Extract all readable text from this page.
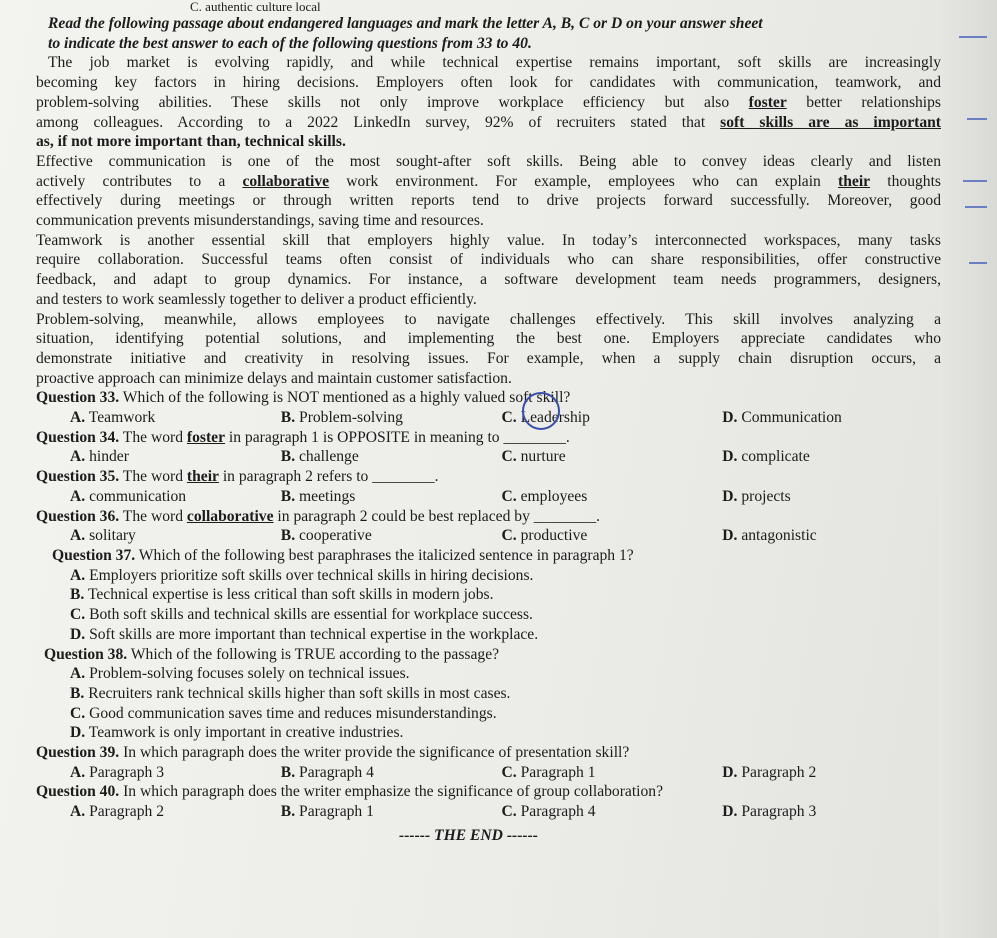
C. authentic culture local
Read the following passage about endangered languages and mark the letter A, B, C or D on your answer sheet
to indicate the best answer to each of the following questions from 33 to 40.
The job market is evolving rapidly, and while technical expertise remains important, soft skills are increasingly
becoming key factors in hiring decisions. Employers often look for candidates with communication, teamwork, and
problem-solving abilities. These skills not only improve workplace efficiency but also foster better relationships
among colleagues. According to a 2022 LinkedIn survey, 92% of recruiters stated that soft skills are as important
as, if not more important than, technical skills.
Effective communication is one of the most sought-after soft skills. Being able to convey ideas clearly and listen
actively contributes to a collaborative work environment. For example, employees who can explain their thoughts
effectively during meetings or through written reports tend to drive projects forward successfully. Moreover, good
communication prevents misunderstandings, saving time and resources.
Teamwork is another essential skill that employers highly value. In today’s interconnected workspaces, many tasks
require collaboration. Successful teams often consist of individuals who can share responsibilities, offer constructive
feedback, and adapt to group dynamics. For instance, a software development team needs programmers, designers,
and testers to work seamlessly together to deliver a product efficiently.
Problem-solving, meanwhile, allows employees to navigate challenges effectively. This skill involves analyzing a
situation, identifying potential solutions, and implementing the best one. Employers appreciate candidates who
demonstrate initiative and creativity in resolving issues. For example, when a supply chain disruption occurs, a
proactive approach can minimize delays and maintain customer satisfaction.
Question 33. Which of the following is NOT mentioned as a highly valued soft skill?
A. Teamwork	B. Problem-solving	C. Leadership	D. Communication
Question 34. The word foster in paragraph 1 is OPPOSITE in meaning to ________.
A. hinder	B. challenge	C. nurture	D. complicate
Question 35. The word their in paragraph 2 refers to ________.
A. communication	B. meetings	C. employees	D. projects
Question 36. The word collaborative in paragraph 2 could be best replaced by ________.
A. solitary	B. cooperative	C. productive	D. antagonistic
Question 37. Which of the following best paraphrases the italicized sentence in paragraph 1?
A. Employers prioritize soft skills over technical skills in hiring decisions.
B. Technical expertise is less critical than soft skills in modern jobs.
C. Both soft skills and technical skills are essential for workplace success.
D. Soft skills are more important than technical expertise in the workplace.
Question 38. Which of the following is TRUE according to the passage?
A. Problem-solving focuses solely on technical issues.
B. Recruiters rank technical skills higher than soft skills in most cases.
C. Good communication saves time and reduces misunderstandings.
D. Teamwork is only important in creative industries.
Question 39. In which paragraph does the writer provide the significance of presentation skill?
A. Paragraph 3	B. Paragraph 4	C. Paragraph 1	D. Paragraph 2
Question 40. In which paragraph does the writer emphasize the significance of group collaboration?
A. Paragraph 2	B. Paragraph 1	C. Paragraph 4	D. Paragraph 3
------ THE END ------
